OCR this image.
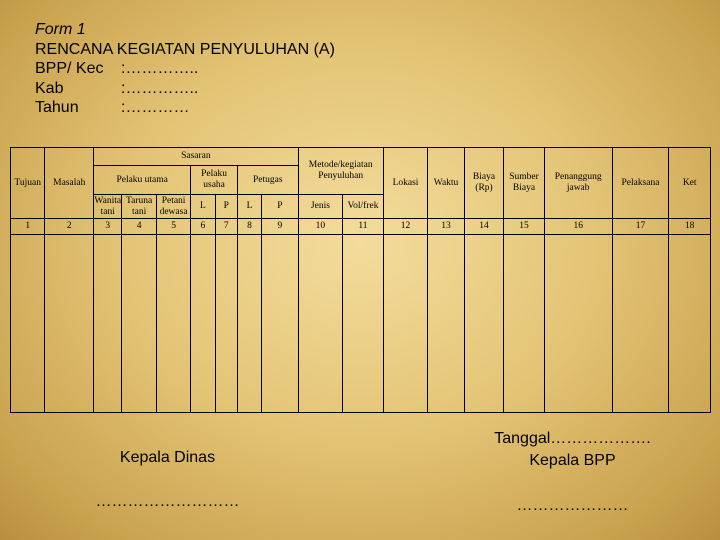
Form 1
RENCANA KEGIATAN PENYULUHAN (A)
BPP/ Kec	:…………..
Kab	:…………..
Tahun	:…………
Tujuan	Masalah	Sasaran							Metode/kegiatan Penyuluhan		Lokasi	Waktu	Biaya (Rp)	Sumber Biaya	Penanggung jawab	Pelaksana	Ket
		Pelaku utama			Pelaku usaha		Petugas										
		Wanita tani	Taruna tani	Petani dewasa	L	P	L	P	Jenis	Vol/frek							
1	2	3	4	5	6	7	8	9	10	11	12	13	14	15	16	17	18

Kepala Dinas
………………………
Tanggal……………….
Kepala BPP
…………………
